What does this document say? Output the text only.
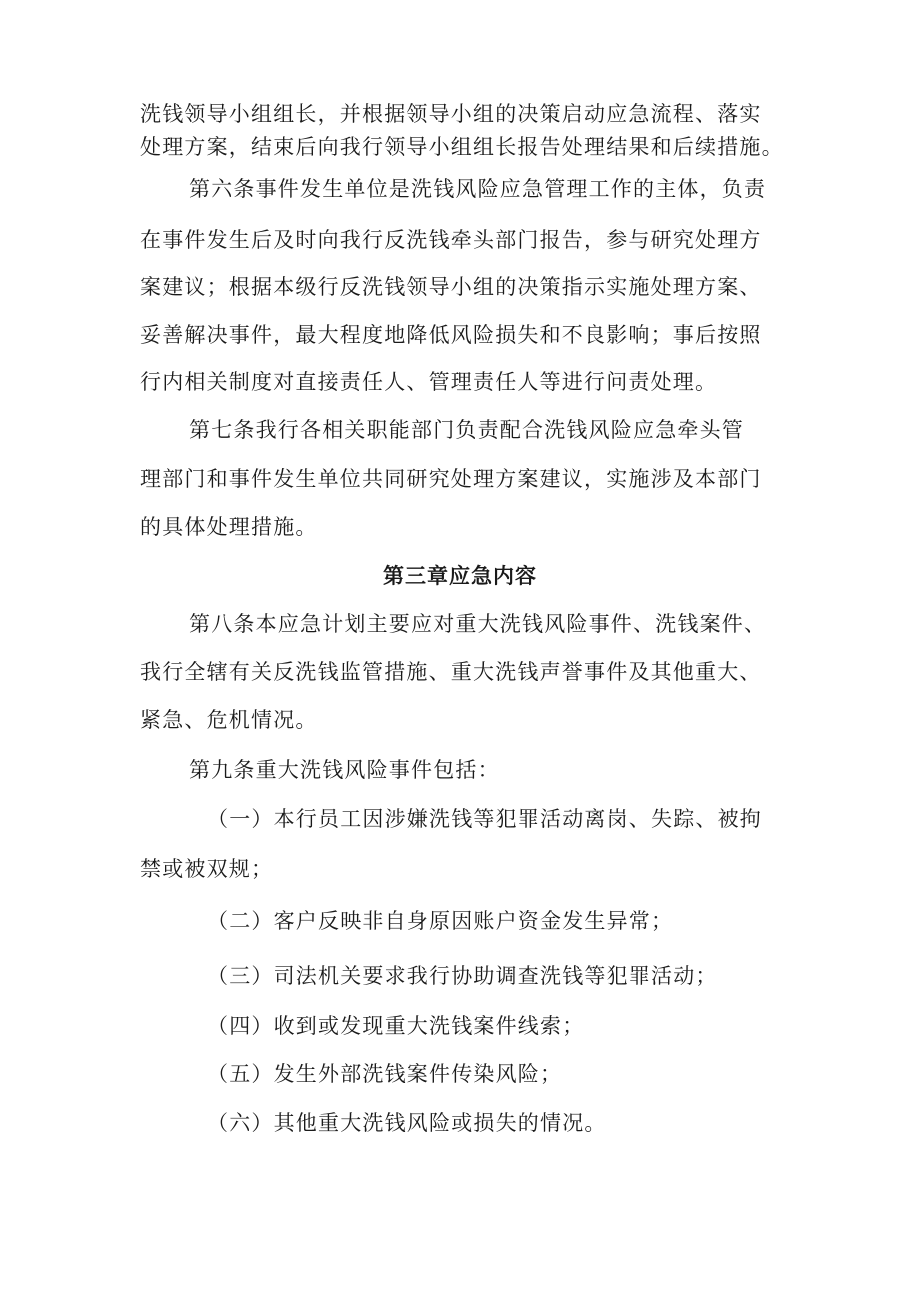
洗钱领导小组组长，并根据领导小组的决策启动应急流程、落实
处理方案，结束后向我行领导小组组长报告处理结果和后续措施。
第六条事件发生单位是洗钱风险应急管理工作的主体，负责
在事件发生后及时向我行反洗钱牵头部门报告，参与研究处理方
案建议；根据本级行反洗钱领导小组的决策指示实施处理方案、
妥善解决事件，最大程度地降低风险损失和不良影响；事后按照
行内相关制度对直接责任人、管理责任人等进行问责处理。
第七条我行各相关职能部门负责配合洗钱风险应急牵头管
理部门和事件发生单位共同研究处理方案建议，实施涉及本部门
的具体处理措施。
第三章应急内容
第八条本应急计划主要应对重大洗钱风险事件、洗钱案件、
我行全辖有关反洗钱监管措施、重大洗钱声誉事件及其他重大、
紧急、危机情况。
第九条重大洗钱风险事件包括：
（一）本行员工因涉嫌洗钱等犯罪活动离岗、失踪、被拘
禁或被双规；
（二）客户反映非自身原因账户资金发生异常；
（三）司法机关要求我行协助调查洗钱等犯罪活动；
（四）收到或发现重大洗钱案件线索；
（五）发生外部洗钱案件传染风险；
（六）其他重大洗钱风险或损失的情况。
